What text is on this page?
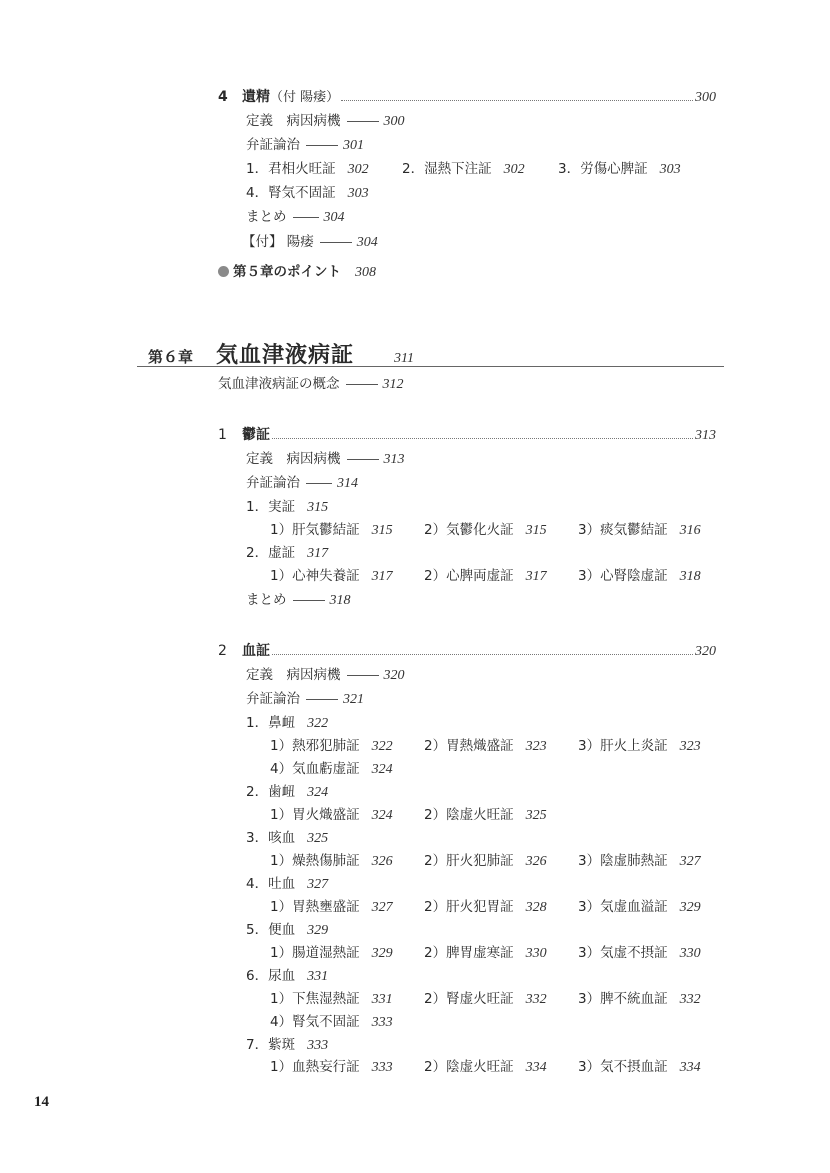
4	遺精（付 陽痿）	300
定義　病因病機	300
弁証論治	301
1．君相火旺証 302 2．湿熱下注証 302 3．労傷心脾証 303
4．腎気不固証 303
まとめ	304
【付】 陽痿	304
第５章のポイント 308
第６章	気血津液病証	311
気血津液病証の概念	312
1	鬱証	313
定義　病因病機	313
弁証論治	314
1．実証 315
1）肝気鬱結証 315 2）気鬱化火証 315 3）痰気鬱結証 316
2．虚証 317
1）心神失養証 317 2）心脾両虚証 317 3）心腎陰虚証 318
まとめ	318
2	血証	320
定義　病因病機	320
弁証論治	321
1．鼻衄 322
1）熱邪犯肺証 322 2）胃熱熾盛証 323 3）肝火上炎証 323
4）気血虧虚証 324
2．歯衄 324
1）胃火熾盛証 324 2）陰虚火旺証 325
3．咳血 325
1）燥熱傷肺証 326 2）肝火犯肺証 326 3）陰虚肺熱証 327
4．吐血 327
1）胃熱壅盛証 327 2）肝火犯胃証 328 3）気虚血溢証 329
5．便血 329
1）腸道湿熱証 329 2）脾胃虚寒証 330 3）気虚不摂証 330
6．尿血 331
1）下焦湿熱証 331 2）腎虚火旺証 332 3）脾不統血証 332
4）腎気不固証 333
7．紫斑 333
1）血熱妄行証 333 2）陰虚火旺証 334 3）気不摂血証 334
14
